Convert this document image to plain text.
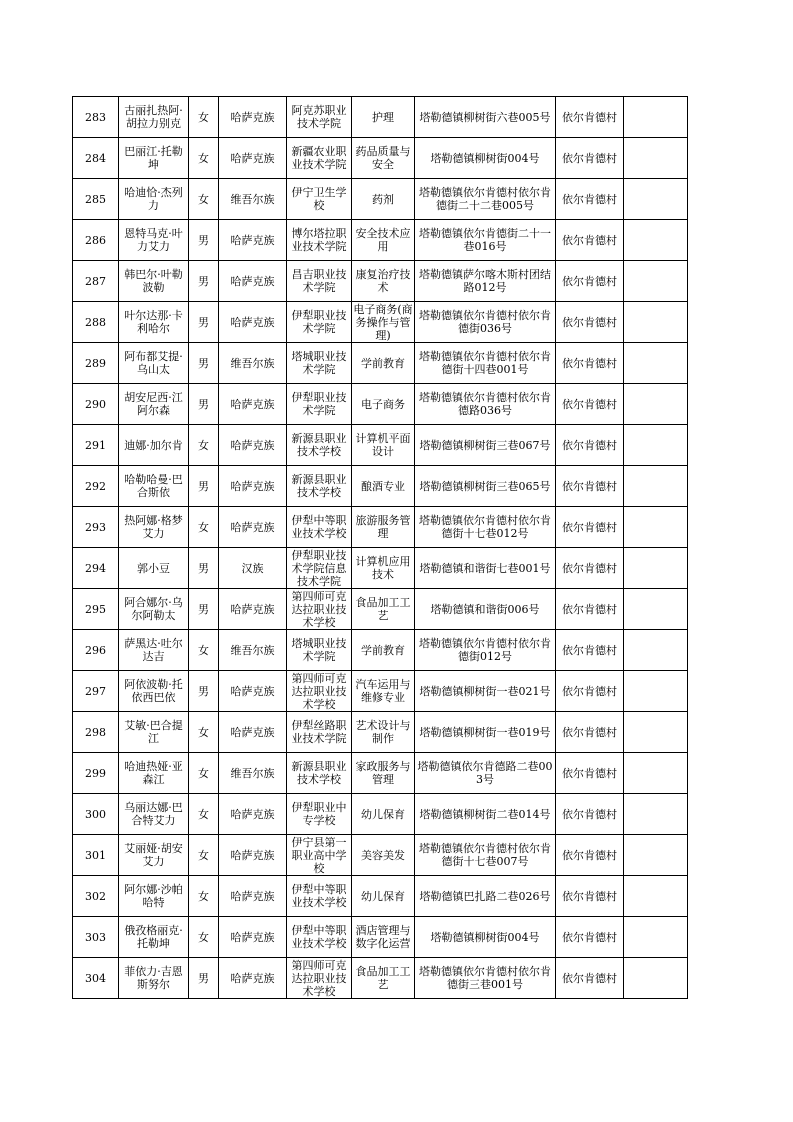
283	古丽扎热阿·胡拉力别克	女	哈萨克族	阿克苏职业技术学院	护理	塔勒德镇柳树街六巷005号	依尔肯德村	

284	巴丽江·托勒坤	女	哈萨克族	新疆农业职业技术学院	药品质量与安全	塔勒德镇柳树街004号	依尔肯德村	

285	哈迪恰·杰列力	女	维吾尔族	伊宁卫生学校	药剂	塔勒德镇依尔肯德村依尔肯德街二十二巷005号	依尔肯德村	

286	恩特马克·叶力艾力	男	哈萨克族	博尔塔拉职业技术学院	安全技术应用	塔勒德镇依尔肯德街二十一巷016号	依尔肯德村	

287	韩巴尔·叶勒波勒	男	哈萨克族	昌吉职业技术学院	康复治疗技术	塔勒德镇萨尔喀木斯村团结路012号	依尔肯德村	

288	叶尔达那·卡利哈尔	男	哈萨克族	伊犁职业技术学院	电子商务(商务操作与管理)	塔勒德镇依尔肯德村依尔肯德街036号	依尔肯德村	

289	阿布都艾提·乌山太	男	维吾尔族	塔城职业技术学院	学前教育	塔勒德镇依尔肯德村依尔肯德街十四巷001号	依尔肯德村	

290	胡安尼西·江阿尔森	男	哈萨克族	伊犁职业技术学院	电子商务	塔勒德镇依尔肯德村依尔肯德路036号	依尔肯德村	

291	迪娜·加尔肯	女	哈萨克族	新源县职业技术学校	计算机平面设计	塔勒德镇柳树街三巷067号	依尔肯德村	

292	哈勒哈曼·巴合斯依	男	哈萨克族	新源县职业技术学校	酿酒专业	塔勒德镇柳树街三巷065号	依尔肯德村	

293	热阿娜·格梦艾力	女	哈萨克族	伊犁中等职业技术学校	旅游服务管理	塔勒德镇依尔肯德村依尔肯德街十七巷012号	依尔肯德村	

294	郭小豆	男	汉族	伊犁职业技术学院信息技术学院	计算机应用技术	塔勒德镇和谐街七巷001号	依尔肯德村	

295	阿合娜尔·乌尔阿勒太	男	哈萨克族	第四师可克达拉职业技术学校	食品加工工艺	塔勒德镇和谐街006号	依尔肯德村	

296	萨黑达·吐尔达吉	女	维吾尔族	塔城职业技术学院	学前教育	塔勒德镇依尔肯德村依尔肯德街012号	依尔肯德村	

297	阿依波勒·托依西巴依	男	哈萨克族	第四师可克达拉职业技术学校	汽车运用与维修专业	塔勒德镇柳树街一巷021号	依尔肯德村	

298	艾敏·巴合提江	女	哈萨克族	伊犁丝路职业技术学院	艺术设计与制作	塔勒德镇柳树街一巷019号	依尔肯德村	

299	哈迪热娅·亚森江	女	维吾尔族	新源县职业技术学校	家政服务与管理	塔勒德镇依尔肯德路二巷003号	依尔肯德村	

300	乌丽达娜·巴合特艾力	女	哈萨克族	伊犁职业中专学校	幼儿保育	塔勒德镇柳树街二巷014号	依尔肯德村	

301	艾丽娅·胡安艾力	女	哈萨克族	伊宁县第一职业高中学校	美容美发	塔勒德镇依尔肯德村依尔肯德街十七巷007号	依尔肯德村	

302	阿尔娜·沙帕哈特	女	哈萨克族	伊犁中等职业技术学校	幼儿保育	塔勒德镇巴扎路二巷026号	依尔肯德村	

303	俄孜格丽克·托勒坤	女	哈萨克族	伊犁中等职业技术学校	酒店管理与数字化运营	塔勒德镇柳树街004号	依尔肯德村	

304	菲依力·吉恩斯努尔	男	哈萨克族	第四师可克达拉职业技术学校	食品加工工艺	塔勒德镇依尔肯德村依尔肯德街三巷001号	依尔肯德村	
